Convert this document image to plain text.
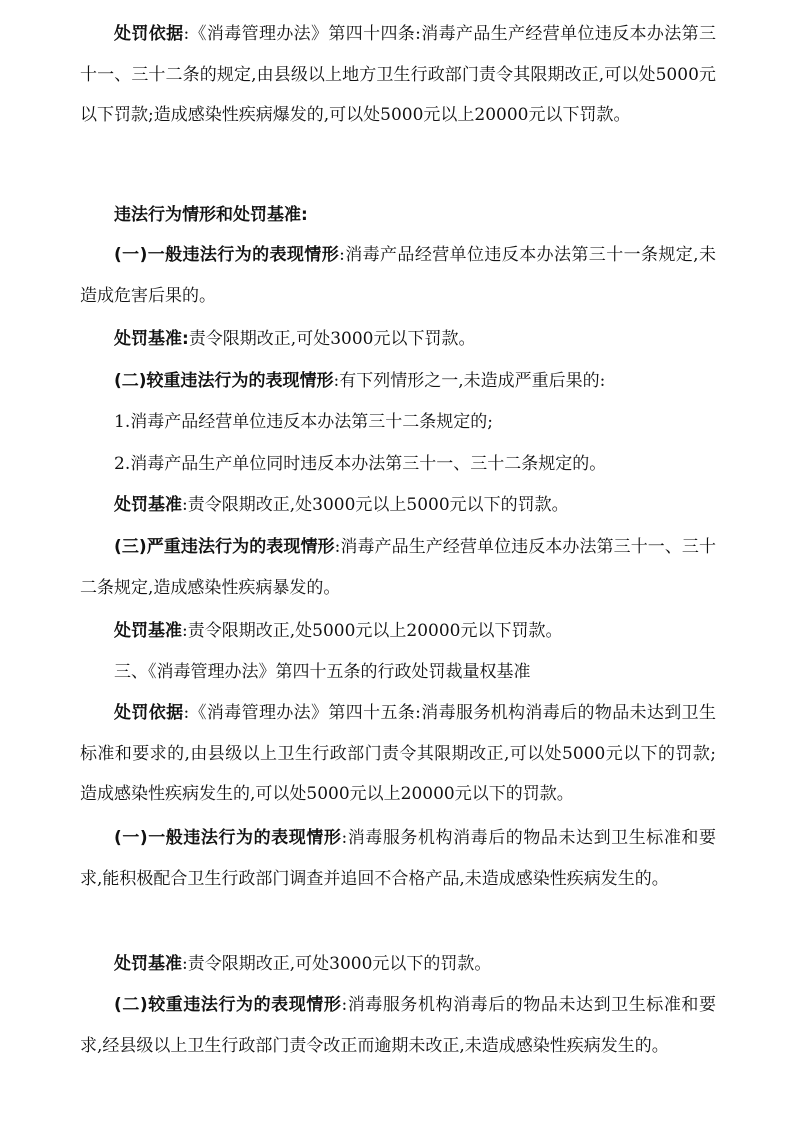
处罚依据:《消毒管理办法》第四十四条:消毒产品生产经营单位违反本办法第三十一、三十二条的规定,由县级以上地方卫生行政部门责令其限期改正,可以处5000元以下罚款;造成感染性疾病爆发的,可以处5000元以上20000元以下罚款。

违法行为情形和处罚基准:

(一)一般违法行为的表现情形:消毒产品经营单位违反本办法第三十一条规定,未造成危害后果的。

处罚基准:责令限期改正,可处3000元以下罚款。

(二)较重违法行为的表现情形:有下列情形之一,未造成严重后果的:

1.消毒产品经营单位违反本办法第三十二条规定的;

2.消毒产品生产单位同时违反本办法第三十一、三十二条规定的。

处罚基准:责令限期改正,处3000元以上5000元以下的罚款。

(三)严重违法行为的表现情形:消毒产品生产经营单位违反本办法第三十一、三十二条规定,造成感染性疾病暴发的。

处罚基准:责令限期改正,处5000元以上20000元以下罚款。

三、《消毒管理办法》第四十五条的行政处罚裁量权基准

处罚依据:《消毒管理办法》第四十五条:消毒服务机构消毒后的物品未达到卫生标准和要求的,由县级以上卫生行政部门责令其限期改正,可以处5000元以下的罚款;造成感染性疾病发生的,可以处5000元以上20000元以下的罚款。

(一)一般违法行为的表现情形:消毒服务机构消毒后的物品未达到卫生标准和要求,能积极配合卫生行政部门调查并追回不合格产品,未造成感染性疾病发生的。

处罚基准:责令限期改正,可处3000元以下的罚款。

(二)较重违法行为的表现情形:消毒服务机构消毒后的物品未达到卫生标准和要求,经县级以上卫生行政部门责令改正而逾期未改正,未造成感染性疾病发生的。
